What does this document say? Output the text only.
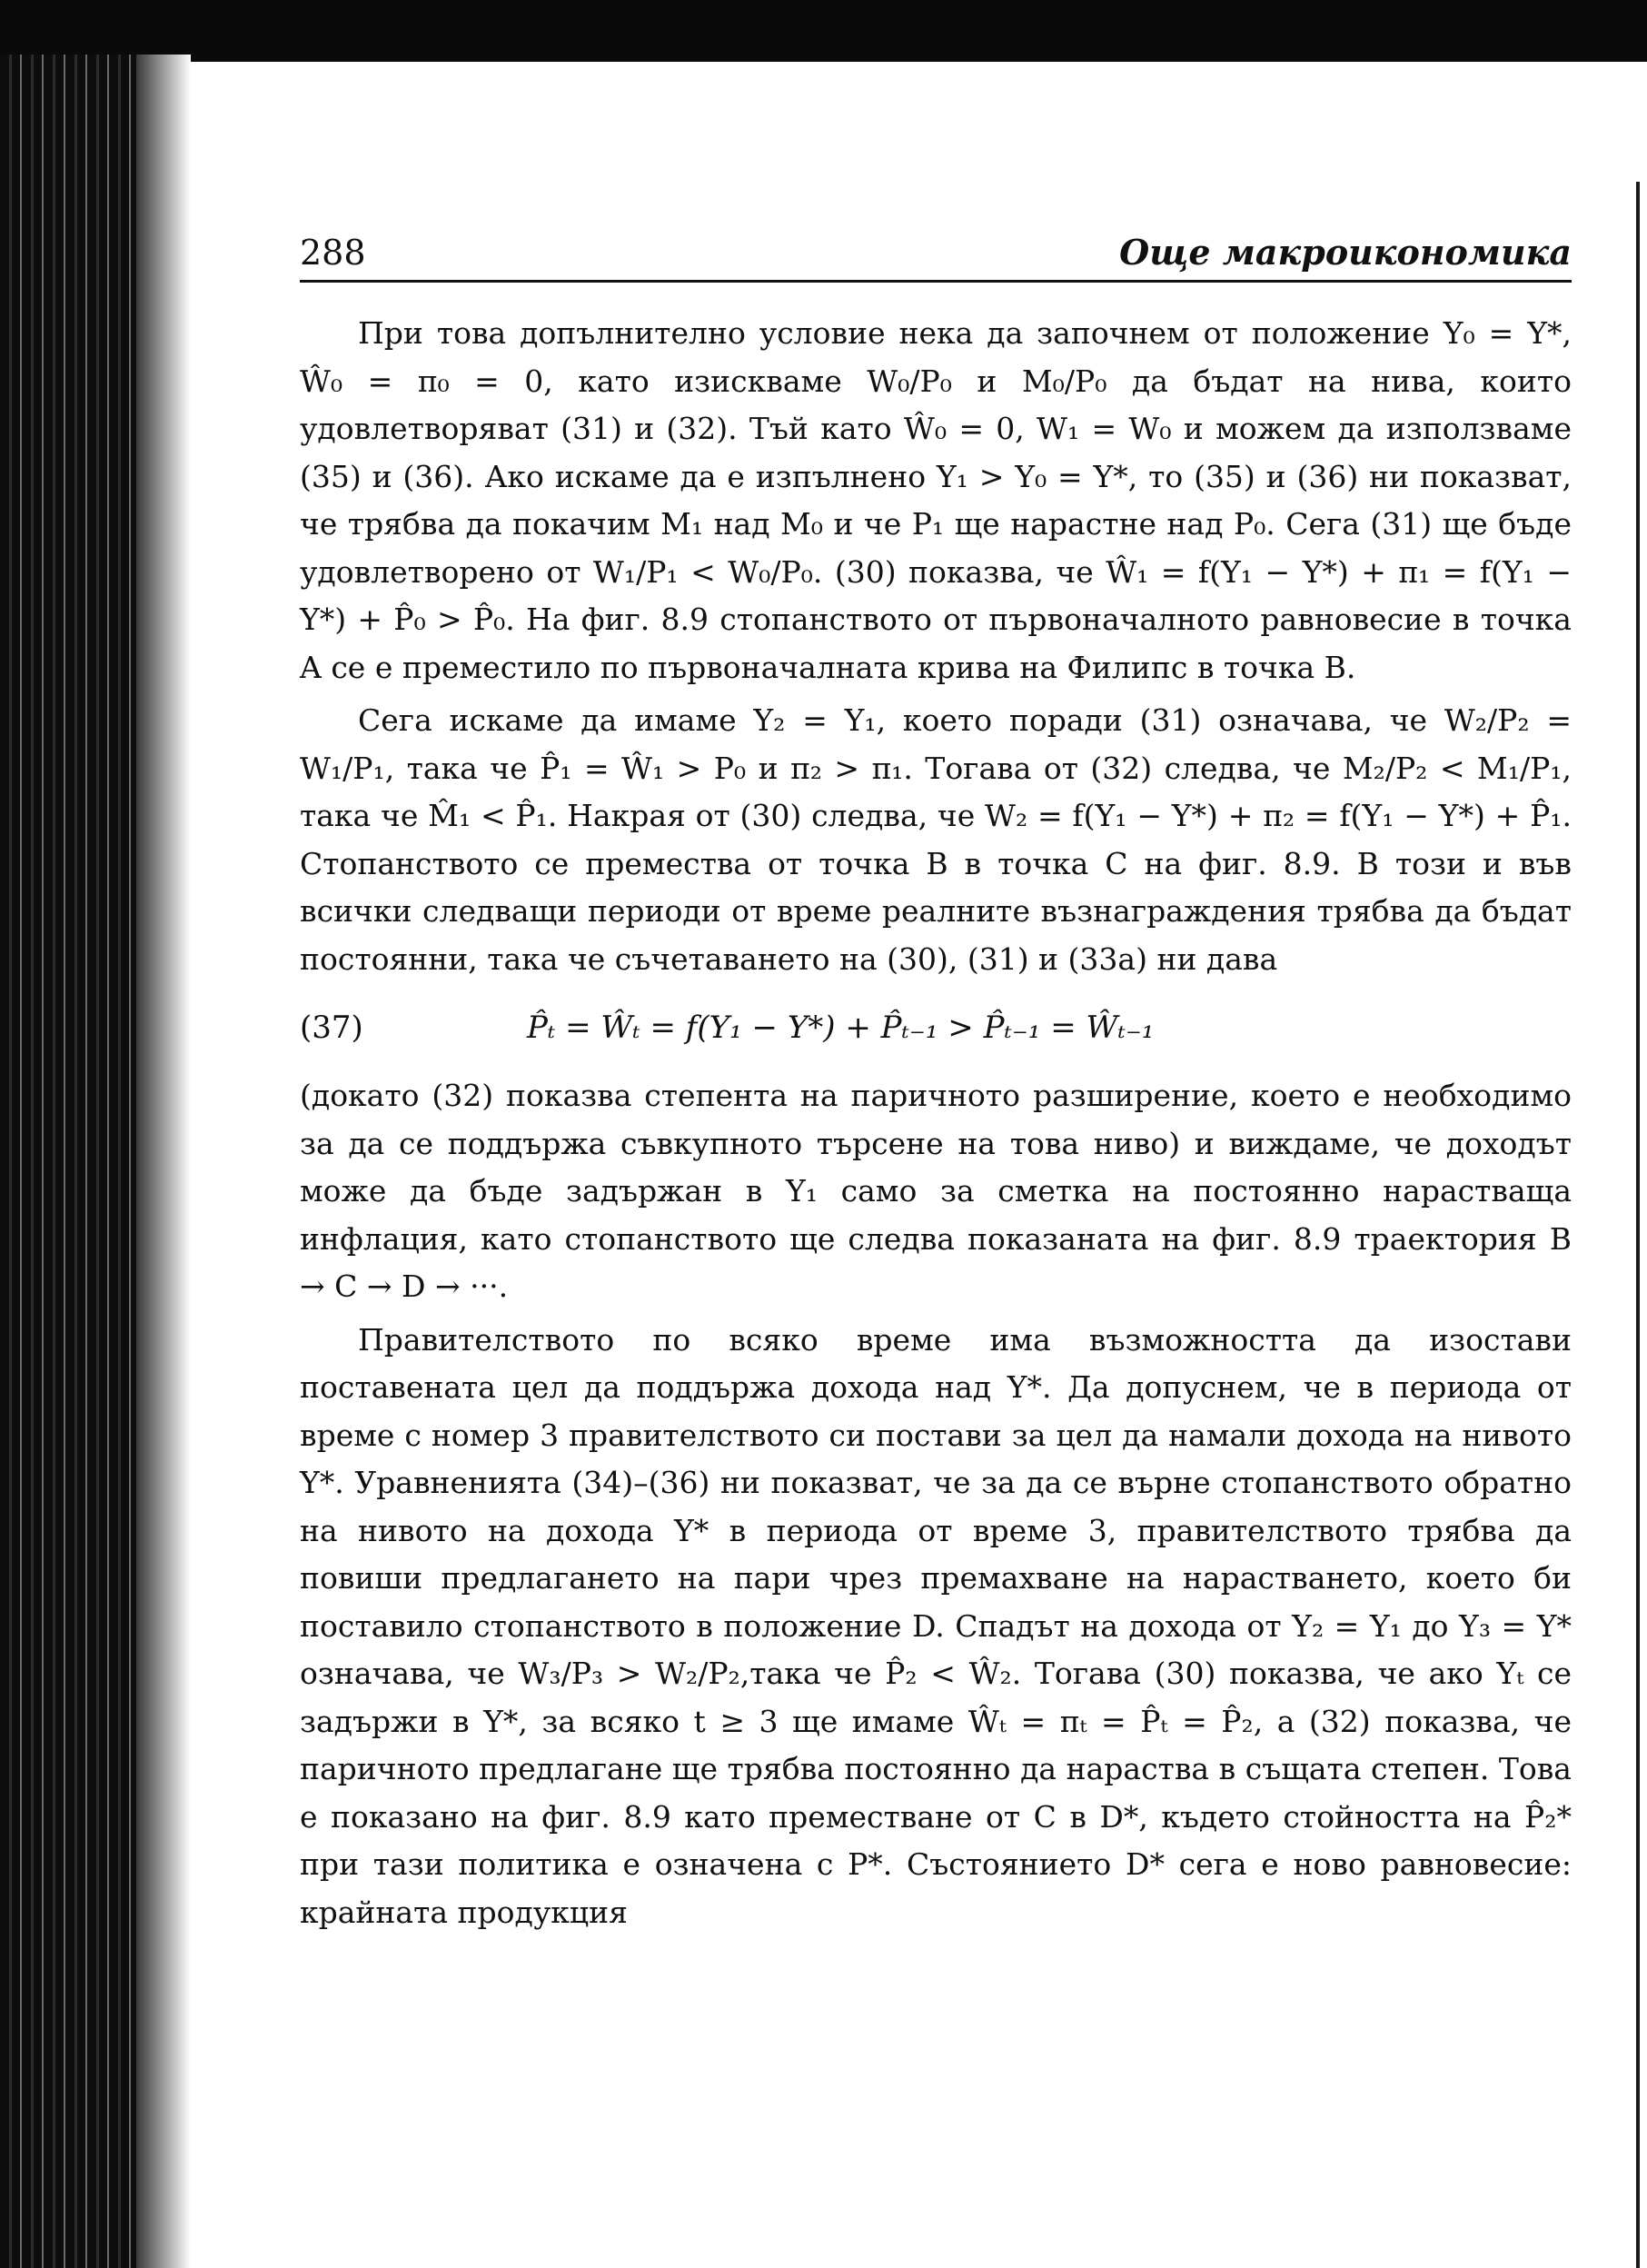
288	Още макроикономика

При това допълнително условие нека да започнем от положение Y₀ = Y*, Ŵ₀ = π₀ = 0, като изискваме W₀/P₀ и M₀/P₀ да бъдат на нива, които удовлетворяват (31) и (32). Тъй като Ŵ₀ = 0, W₁ = W₀ и можем да използваме (35) и (36). Ако искаме да е изпълнено Y₁ > Y₀ = Y*, то (35) и (36) ни показват, че трябва да покачим M₁ над M₀ и че P₁ ще нарастне над P₀. Сега (31) ще бъде удовлетворено от W₁/P₁ < W₀/P₀. (30) показва, че Ŵ₁ = f(Y₁ − Y*) + π₁ = f(Y₁ − Y*) + P̂₀ > P̂₀. На фиг. 8.9 стопанството от първоначалното равновесие в точка A се е преместило по първоначалната крива на Филипс в точка B.

Сега искаме да имаме Y₂ = Y₁, което поради (31) означава, че W₂/P₂ = W₁/P₁, така че P̂₁ = Ŵ₁ > P₀ и π₂ > π₁. Тогава от (32) следва, че M₂/P₂ < M₁/P₁, така че M̂₁ < P̂₁. Накрая от (30) следва, че W₂ = f(Y₁ − Y*) + π₂ = f(Y₁ − Y*) + P̂₁. Стопанството се премества от точка B в точка C на фиг. 8.9. В този и във всички следващи периоди от време реалните възнаграждения трябва да бъдат постоянни, така че съчетаването на (30), (31) и (33а) ни дава

(37)	P̂ₜ = Ŵₜ = f(Y₁ − Y*) + P̂ₜ₋₁ > P̂ₜ₋₁ = Ŵₜ₋₁

(докато (32) показва степента на паричното разширение, което е необходимо за да се поддържа съвкупното търсене на това ниво) и виждаме, че доходът може да бъде задържан в Y₁ само за сметка на постоянно нарастваща инфлация, като стопанството ще следва показаната на фиг. 8.9 траектория B → C → D → ···.

Правителството по всяко време има възможността да изостави поставената цел да поддържа дохода над Y*. Да допуснем, че в периода от време с номер 3 правителството си постави за цел да намали дохода на нивото Y*. Уравненията (34)–(36) ни показват, че за да се върне стопанството обратно на нивото на дохода Y* в периода от време 3, правителството трябва да повиши предлагането на пари чрез премахване на нарастването, което би поставило стопанството в положение D. Спадът на дохода от Y₂ = Y₁ до Y₃ = Y* означава, че W₃/P₃ > W₂/P₂,така че P̂₂ < Ŵ₂. Тогава (30) показва, че ако Yₜ се задържи в Y*, за всяко t ≥ 3 ще имаме Ŵₜ = πₜ = P̂ₜ = P̂₂, а (32) показва, че паричното предлагане ще трябва постоянно да нараства в същата степен. Това е показано на фиг. 8.9 като преместване от C в D*, където стойността на P̂₂* при тази политика е означена с P*. Състоянието D* сега е ново равновесие: крайната продукция
